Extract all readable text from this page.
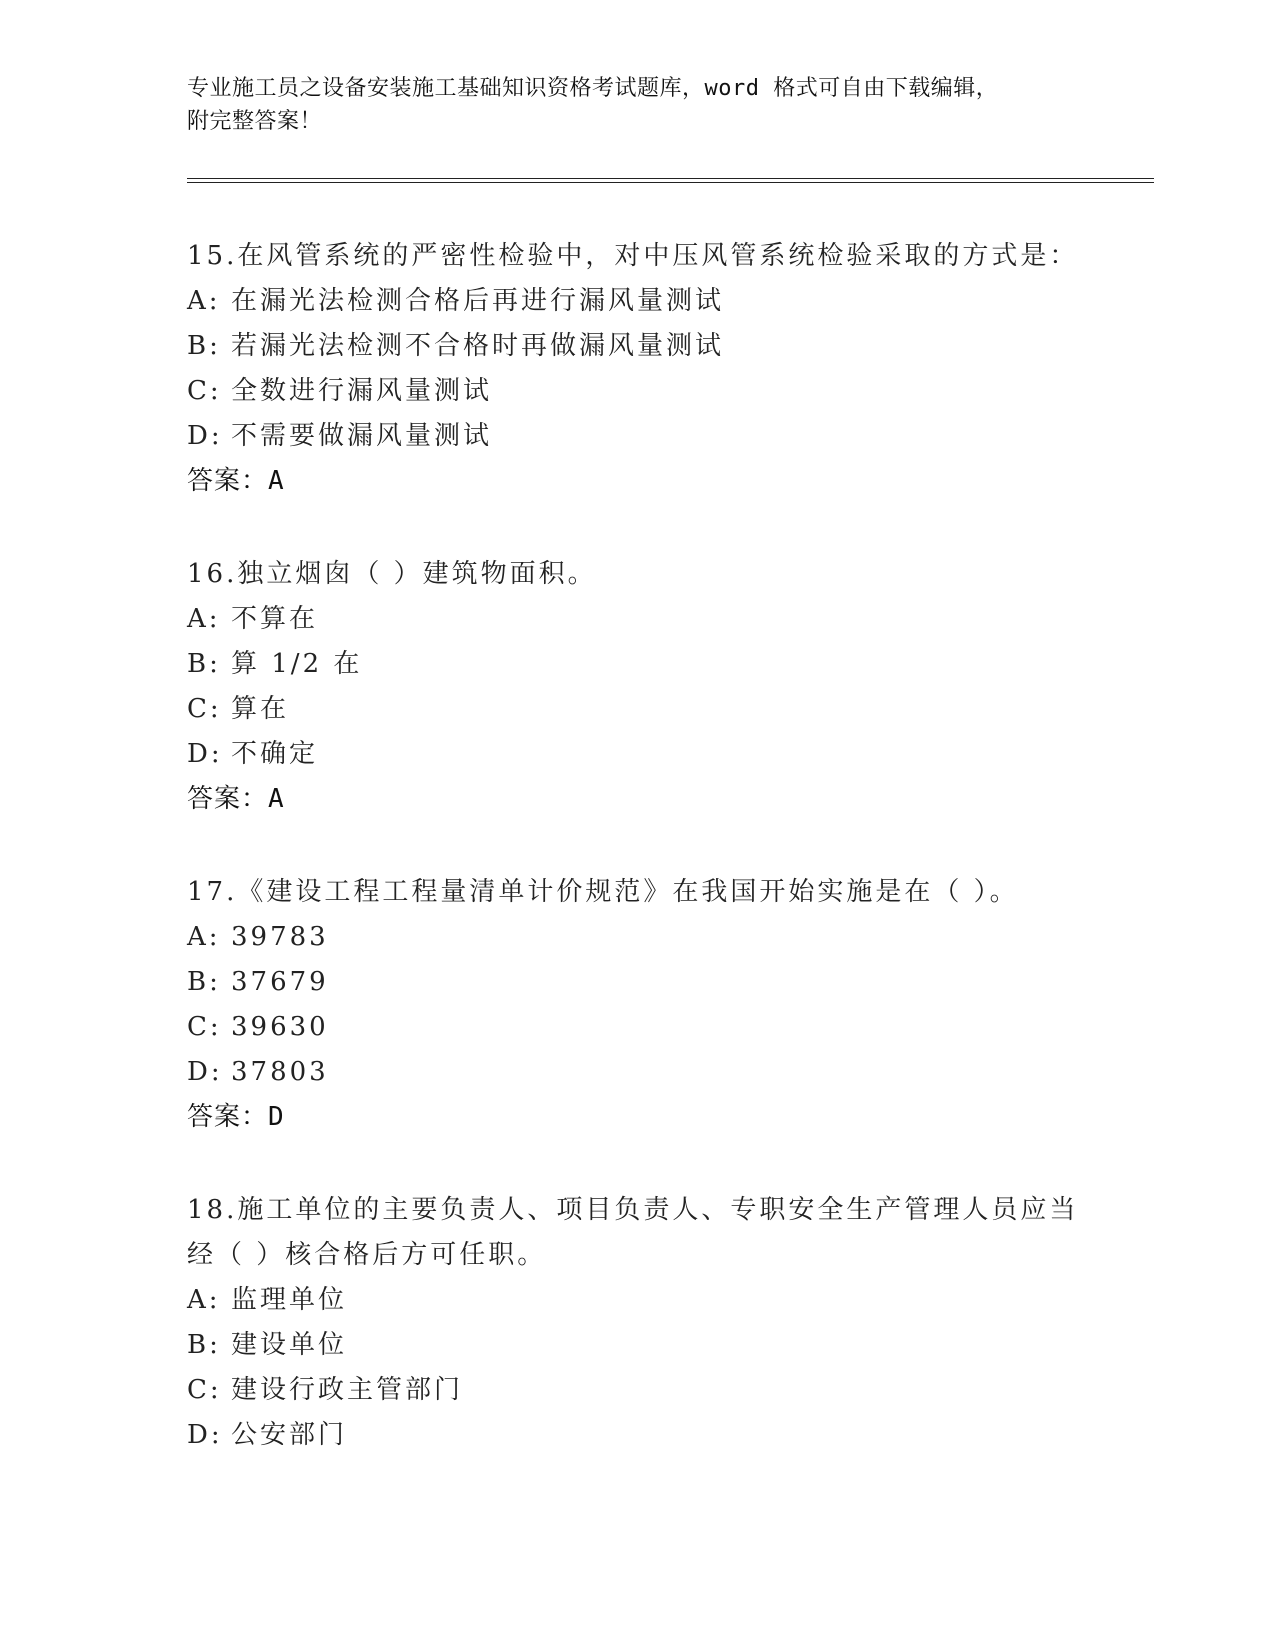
专业施工员之设备安装施工基础知识资格考试题库，word 格式可自由下载编辑，
附完整答案！
15.在风管系统的严密性检验中，对中压风管系统检验采取的方式是：
A: 在漏光法检测合格后再进行漏风量测试
B: 若漏光法检测不合格时再做漏风量测试
C: 全数进行漏风量测试
D: 不需要做漏风量测试
答案：A
16.独立烟囱（ ）建筑物面积。
A: 不算在
B: 算 1/2 在
C: 算在
D: 不确定
答案：A
17.《建设工程工程量清单计价规范》在我国开始实施是在（ ）。
A: 39783
B: 37679
C: 39630
D: 37803
答案：D
18.施工单位的主要负责人、项目负责人、专职安全生产管理人员应当
经（ ）核合格后方可任职。
A: 监理单位
B: 建设单位
C: 建设行政主管部门
D: 公安部门
